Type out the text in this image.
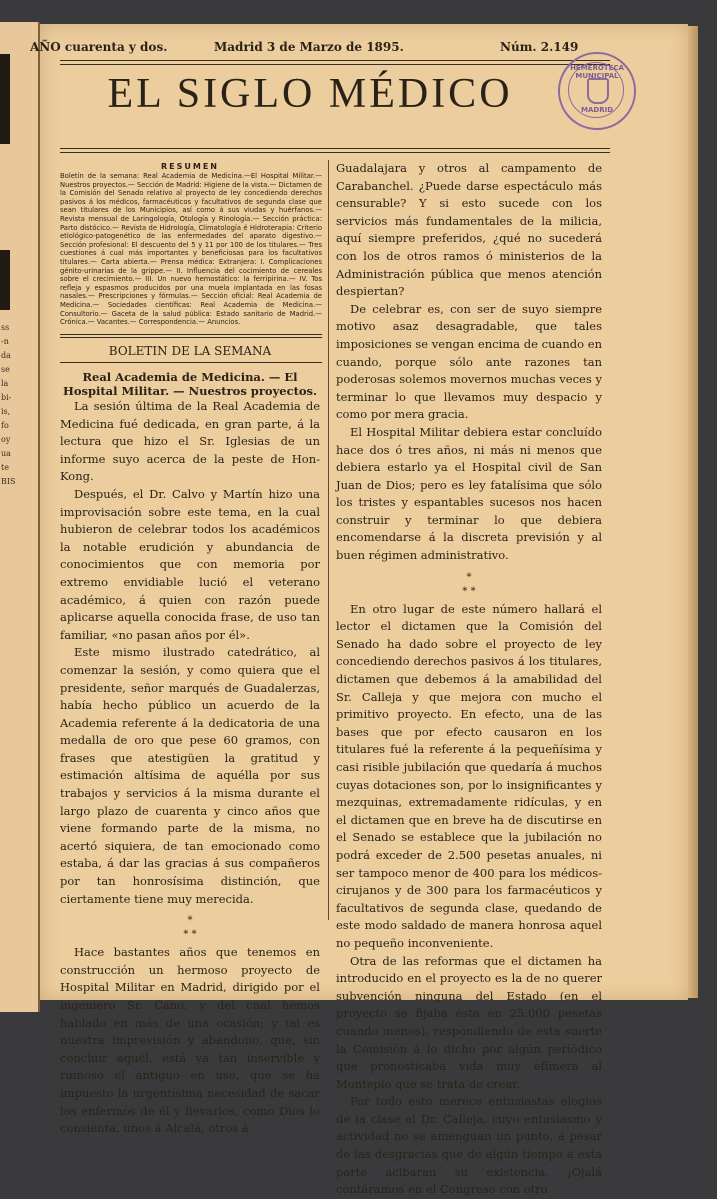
ss
-n
da
se
la
bi-
is,
fo
oy
ua
te
BIS
AÑO cuarenta y dos.	Madrid 3 de Marzo de 1895.	Núm. 2.149
EL SIGLO MÉDICO
HEMEROTECA MUNICIPAL
MADRID
RESUMEN
Boletín de la semana: Real Academia de Medicina.—El Hospital Militar.—Nuestros proyectos.— Sección de Madrid: Higiene de la vista.— Dictamen de la Comisión del Senado relativo al proyecto de ley concediendo derechos pasivos á los médicos, farmacéuticos y facultativos de segunda clase que sean titulares de los Municipios, así como á sus viudas y huérfanos.— Revista mensual de Laringología, Otología y Rinología.— Sección práctica: Parto distócico.— Revista de Hidrología, Climatología é Hidroterapia: Criterio etiológico-patogenético de las enfermedades del aparato digestivo.— Sección profesional: El descuento del 5 y 11 por 100 de los titulares.— Tres cuestiones á cual más importantes y beneficiosas para los facultativos titulares.— Carta abierta.— Prensa médica: Extranjera: I. Complicaciones génito-urinarias de la grippe.— II. Influencia del cocimiento de cereales sobre el crecimiento.— III. Un nuevo hemostático: la ferripirina.— IV. Tos refleja y espasmos producidos por una muela implantada en las fosas nasales.— Prescripciones y fórmulas.— Sección oficial: Real Academia de Medicina.— Sociedades científicas: Real Academia de Medicina.— Consultorio.— Gaceta de la salud pública: Estado sanitario de Madrid.— Crónica.— Vacantes.— Correspondencia.— Anuncios.
BOLETIN DE LA SEMANA
Real Academia de Medicina. — El Hospital Militar. — Nuestros proyectos.

La sesión última de la Real Academia de Medicina fué dedicada, en gran parte, á la lectura que hizo el Sr. Iglesias de un informe suyo acerca de la peste de Hon-Kong.

Después, el Dr. Calvo y Martín hizo una improvisación sobre este tema, en la cual hubieron de celebrar todos los académicos la notable erudición y abundancia de conocimientos que con memoria por extremo envidiable lució el veterano académico, á quien con razón puede aplicarse aquella conocida frase, de uso tan familiar, «no pasan años por él».

Este mismo ilustrado catedrático, al comenzar la sesión, y como quiera que el presidente, señor marqués de Guadalerzas, había hecho público un acuerdo de la Academia referente á la dedicatoria de una medalla de oro que pese 60 gramos, con frases que atestigüen la gratitud y estimación altísima de aquélla por sus trabajos y servicios á la misma durante el largo plazo de cuarenta y cinco años que viene formando parte de la misma, no acertó siquiera, de tan emocionado como estaba, á dar las gracias á sus compañeros por tan honrosísima distinción, que ciertamente tiene muy merecida.

*
* *

Hace bastantes años que tenemos en construcción un hermoso proyecto de Hospital Militar en Madrid, dirigido por el ingeniero Sr. Cano, y del cual hemos hablado en más de una ocasión; y tal es nuestra imprevisión y abandono, que, sin concluir aquél, está ya tan inservible y ruinoso el antiguo en uso, que se ha impuesto la urgentísima necesidad de sacar los enfermos de él y llevarlos, como Dios lo consienta, unos á Alcalá, otros á

Guadalajara y otros al campamento de Carabanchel. ¿Puede darse espectáculo más censurable? Y si esto sucede con los servicios más fundamentales de la milicia, aquí siempre preferidos, ¿qué no sucederá con los de otros ramos ó ministerios de la Administración pública que menos atención despiertan?

De celebrar es, con ser de suyo siempre motivo asaz desagradable, que tales imposiciones se vengan encima de cuando en cuando, porque sólo ante razones tan poderosas solemos movernos muchas veces y terminar lo que llevamos muy despacio y como por mera gracia.

El Hospital Militar debiera estar concluído hace dos ó tres años, ni más ni menos que debiera estarlo ya el Hospital civil de San Juan de Dios; pero es ley fatalísima que sólo los tristes y espantables sucesos nos hacen construir y terminar lo que debiera encomendarse á la discreta previsión y al buen régimen administrativo.

*
* *

En otro lugar de este número hallará el lector el dictamen que la Comisión del Senado ha dado sobre el proyecto de ley concediendo derechos pasivos á los titulares, dictamen que debemos á la amabilidad del Sr. Calleja y que mejora con mucho el primitivo proyecto. En efecto, una de las bases que por efecto causaron en los titulares fué la referente á la pequeñísima y casi risible jubilación que quedaría á muchos cuyas dotaciones son, por lo insignificantes y mezquinas, extremadamente ridículas, y en el dictamen que en breve ha de discutirse en el Senado se establece que la jubilación no podrá exceder de 2.500 pesetas anuales, ni ser tampoco menor de 400 para los médicos-cirujanos y de 300 para los farmacéuticos y facultativos de segunda clase, quedando de este modo saldado de manera honrosa aquel no pequeño inconveniente.

Otra de las reformas que el dictamen ha introducido en el proyecto es la de no querer subvención ninguna del Estado (en el proyecto se fijaba ésta en 25.000 pesetas cuando menos), respondiendo de esta suerte la Comisión á lo dicho por algún periódico que pronosticaba vida muy efímera al Montepío que se trata de crear.

Por todo esto merece entusiastas elogios de la clase el Dr. Calleja, cuyo entusiasmo y actividad no se amenguan un punto, á pesar de las desgracias que de algún tiempo á esta parte acibaran su existencia. ¡Ojalá contáramos en el Congreso con otro
